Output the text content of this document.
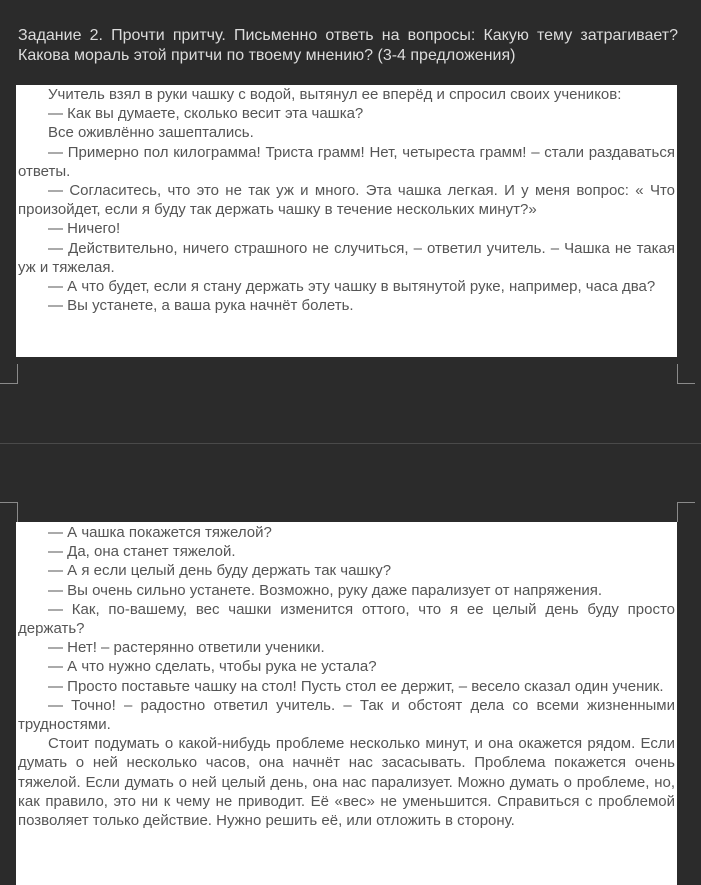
Задание 2. Прочти притчу. Письменно ответь на вопросы: Какую тему затрагивает? Какова мораль этой притчи по твоему мнению? (3-4 предложения)

Учитель взял в руки чашку с водой, вытянул ее вперёд и спросил своих учеников:

— Как вы думаете, сколько весит эта чашка?

Все оживлённо зашептались.

— Примерно пол килограмма! Триста грамм! Нет, четыреста грамм! – стали раздаваться ответы.

— Согласитесь, что это не так уж и много. Эта чашка легкая. И у меня вопрос: « Что произойдет, если я буду так держать чашку в течение нескольких минут?»

— Ничего!

— Действительно, ничего страшного не случиться, – ответил учитель. – Чашка не такая уж и тяжелая.

— А что будет, если я стану держать эту чашку в вытянутой руке, например, часа два?

— Вы устанете, а ваша рука начнёт болеть.

— А чашка покажется тяжелой?

— Да, она станет тяжелой.

— А я если целый день буду держать так чашку?

— Вы очень сильно устанете. Возможно, руку даже парализует от напряжения.

— Как, по-вашему, вес чашки изменится оттого, что я ее целый день буду просто держать?

— Нет! – растерянно ответили ученики.

— А что нужно сделать, чтобы рука не устала?

— Просто поставьте чашку на стол! Пусть стол ее держит, – весело сказал один ученик.

— Точно! – радостно ответил учитель. – Так и обстоят дела со всеми жизненными трудностями.

Стоит подумать о какой-нибудь проблеме несколько минут, и она окажется рядом. Если думать о ней несколько часов, она начнёт нас засасывать. Проблема покажется очень тяжелой. Если думать о ней целый день, она нас парализует. Можно думать о проблеме, но, как правило, это ни к чему не приводит. Её «вес» не уменьшится. Справиться с проблемой позволяет только действие. Нужно решить её, или отложить в сторону.
